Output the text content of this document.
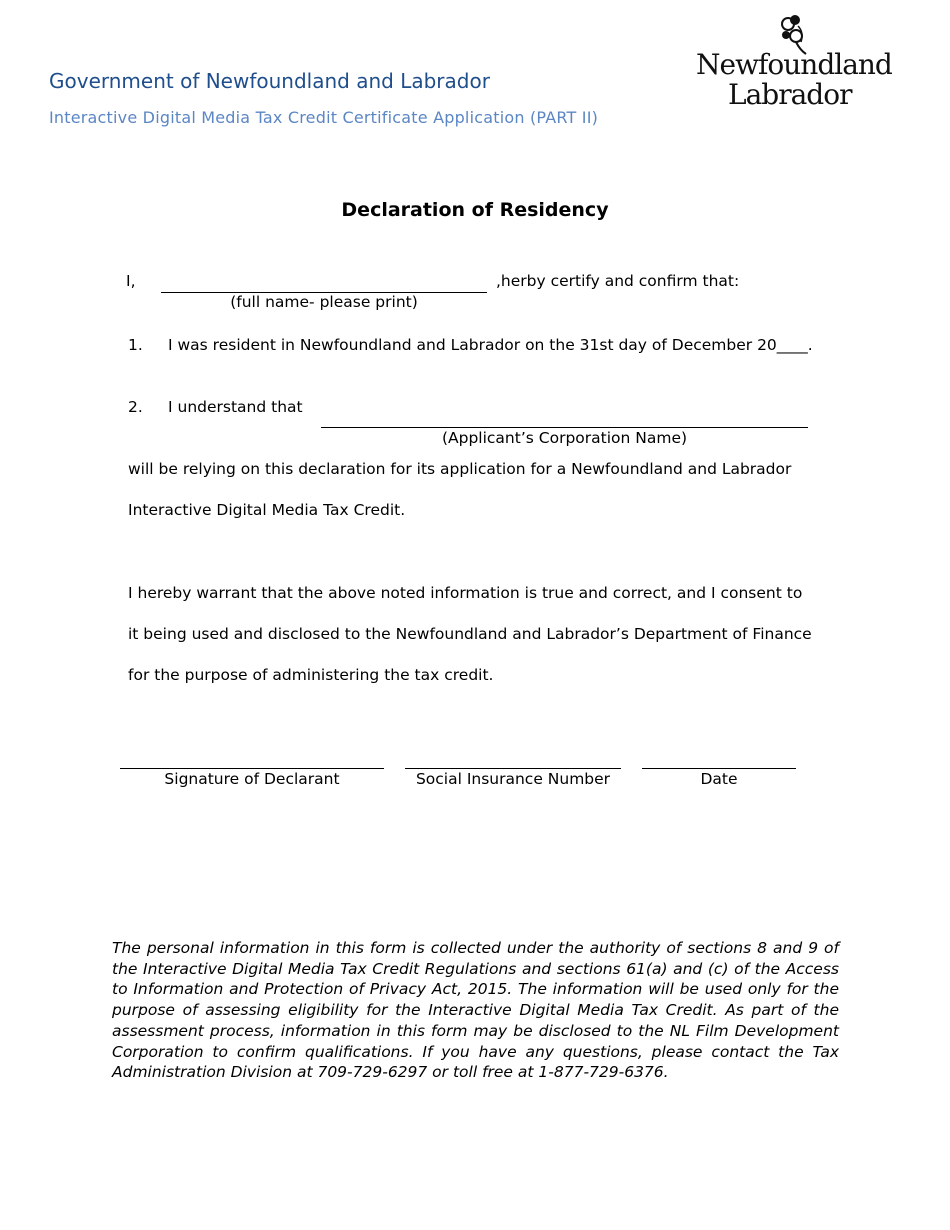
Government of Newfoundland and Labrador
Interactive Digital Media Tax Credit Certificate Application (PART II)
Newfoundland
Labrador
Declaration of Residency
I,	,herby certify and confirm that:
(full name- please print)
1. I was resident in Newfoundland and Labrador on the 31st day of December 20____.
2. I understand that
(Applicant’s Corporation Name)
will be relying on this declaration for its application for a Newfoundland and Labrador
Interactive Digital Media Tax Credit.
I hereby warrant that the above noted information is true and correct, and I consent to
it being used and disclosed to the Newfoundland and Labrador’s Department of Finance
for the purpose of administering the tax credit.
Signature of Declarant	Social Insurance Number	Date
The personal information in this form is collected under the authority of sections 8 and 9 of the Interactive Digital Media Tax Credit Regulations and sections 61(a) and (c) of the Access to Information and Protection of Privacy Act, 2015. The information will be used only for the purpose of assessing eligibility for the Interactive Digital Media Tax Credit. As part of the assessment process, information in this form may be disclosed to the NL Film Development Corporation to confirm qualifications. If you have any questions, please contact the Tax Administration Division at 709-729-6297 or toll free at 1-877-729-6376.
